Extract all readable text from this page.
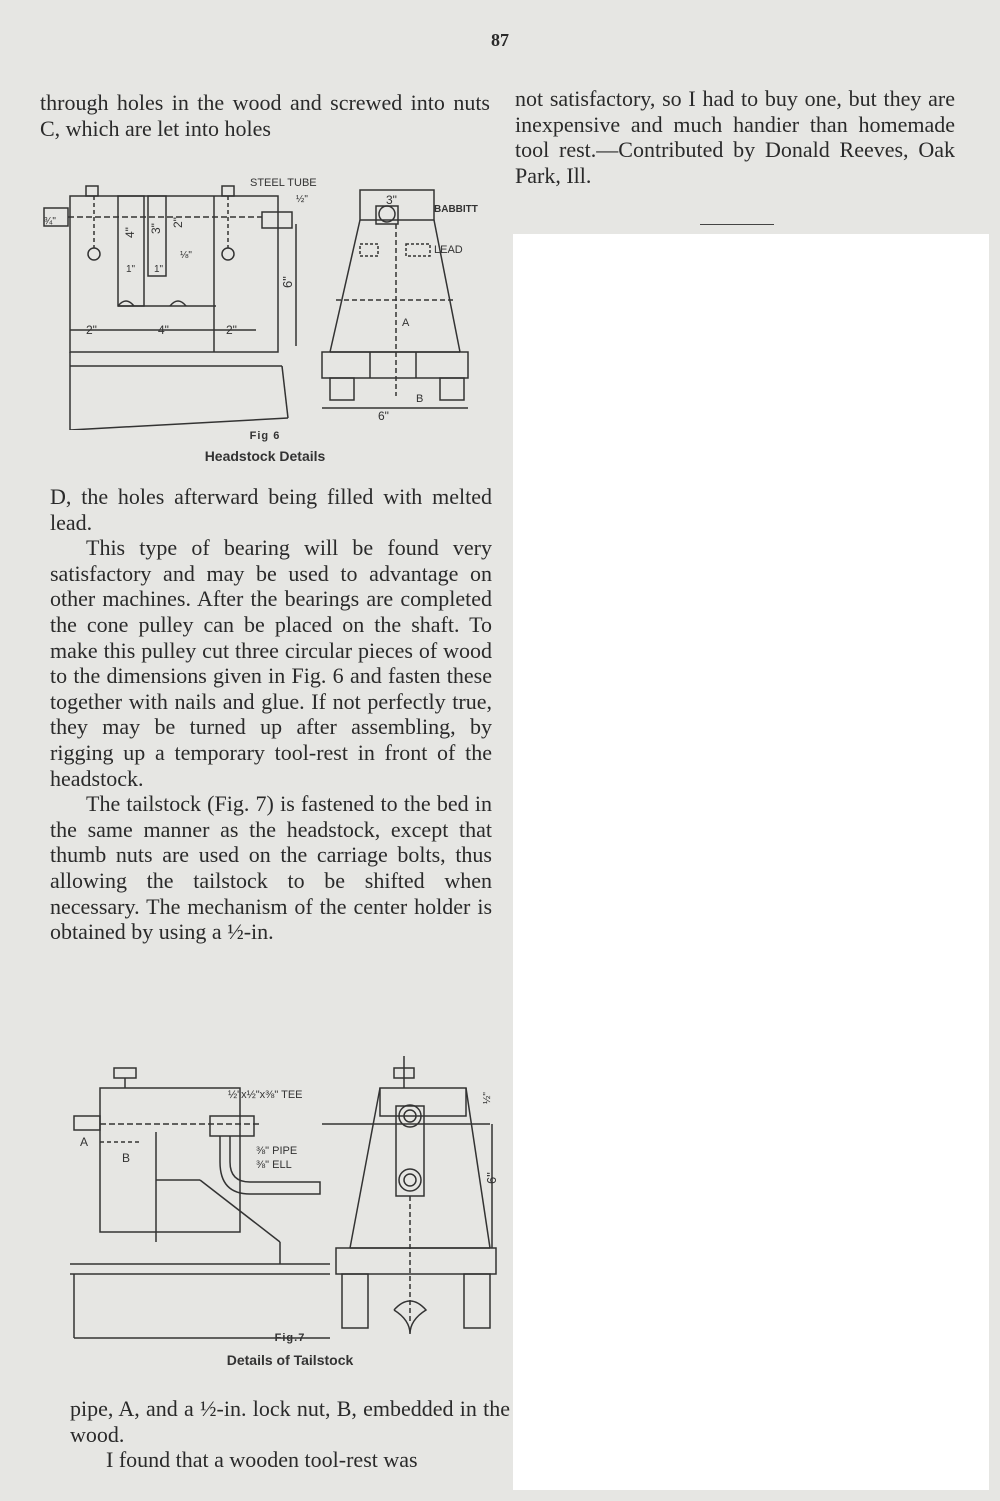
87

through holes in the wood and screwed into nuts C, which are let into holes

STEEL TUBE
BABBITT
LEAD
A
B
2"	4"	2"
6"
6"
3"
4" 3"
2"
1" 1"
½"
¾"
⅛"
Fig 6
Headstock Details

D, the holes afterward being filled with melted lead.

This type of bearing will be found very satisfactory and may be used to advantage on other machines. After the bearings are completed the cone pulley can be placed on the shaft. To make this pulley cut three circular pieces of wood to the dimensions given in Fig. 6 and fasten these together with nails and glue. If not perfectly true, they may be turned up after assembling, by rigging up a temporary tool-rest in front of the headstock.

The tailstock (Fig. 7) is fastened to the bed in the same manner as the headstock, except that thumb nuts are used on the carriage bolts, thus allowing the tailstock to be shifted when necessary. The mechanism of the center holder is obtained by using a ½-in.

½"x½"x⅜" TEE
⅜" PIPE
⅜" ELL
A
B
½"
6"
Fig.7
Details of Tailstock

pipe, A, and a ½-in. lock nut, B, embedded in the wood.

I found that a wooden tool-rest was

not satisfactory, so I had to buy one, but they are inexpensive and much handier than homemade tool rest.—Contributed by Donald Reeves, Oak Park, Ill.
